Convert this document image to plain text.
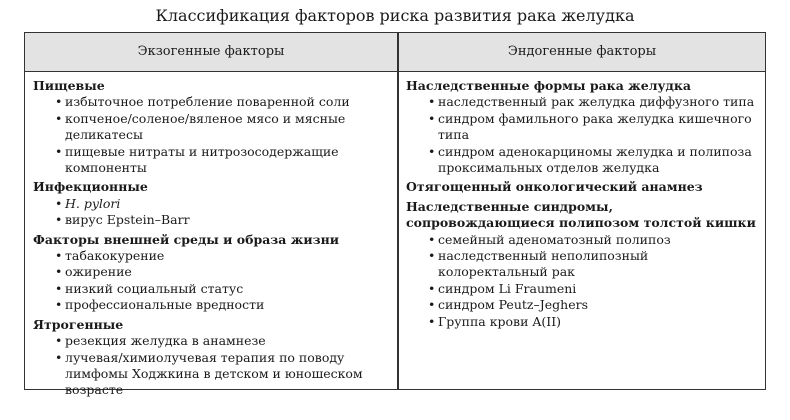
Классификация факторов риска развития рака желудка
Экзогенные факторы	Эндогенные факторы
Пищевые
• избыточное потребление поваренной соли
• копченое/соленое/вяленое мясо и мясные деликатесы
• пищевые нитраты и нитрозосодержащие компоненты
Инфекционные
• H. pylori
• вирус Epstein–Barr
Факторы внешней среды и образа жизни
• табакокурение
• ожирение
• низкий социальный статус
• профессиональные вредности
Ятрогенные
• резекция желудка в анамнезе
• лучевая/химиолучевая терапия по поводу лимфомы Ходжкина в детском и юношеском возрасте
Наследственные формы рака желудка
• наследственный рак желудка диффузного типа
• синдром фамильного рака желудка кишечного типа
• синдром аденокарциномы желудка и полипоза проксимальных отделов желудка
Отягощенный онкологический анамнез
Наследственные синдромы, сопровождающиеся полипозом толстой кишки
• семейный аденоматозный полипоз
• наследственный неполипозный колоректальный рак
• синдром Li Fraumeni
• синдром Peutz–Jeghers
• Группа крови A(II)
